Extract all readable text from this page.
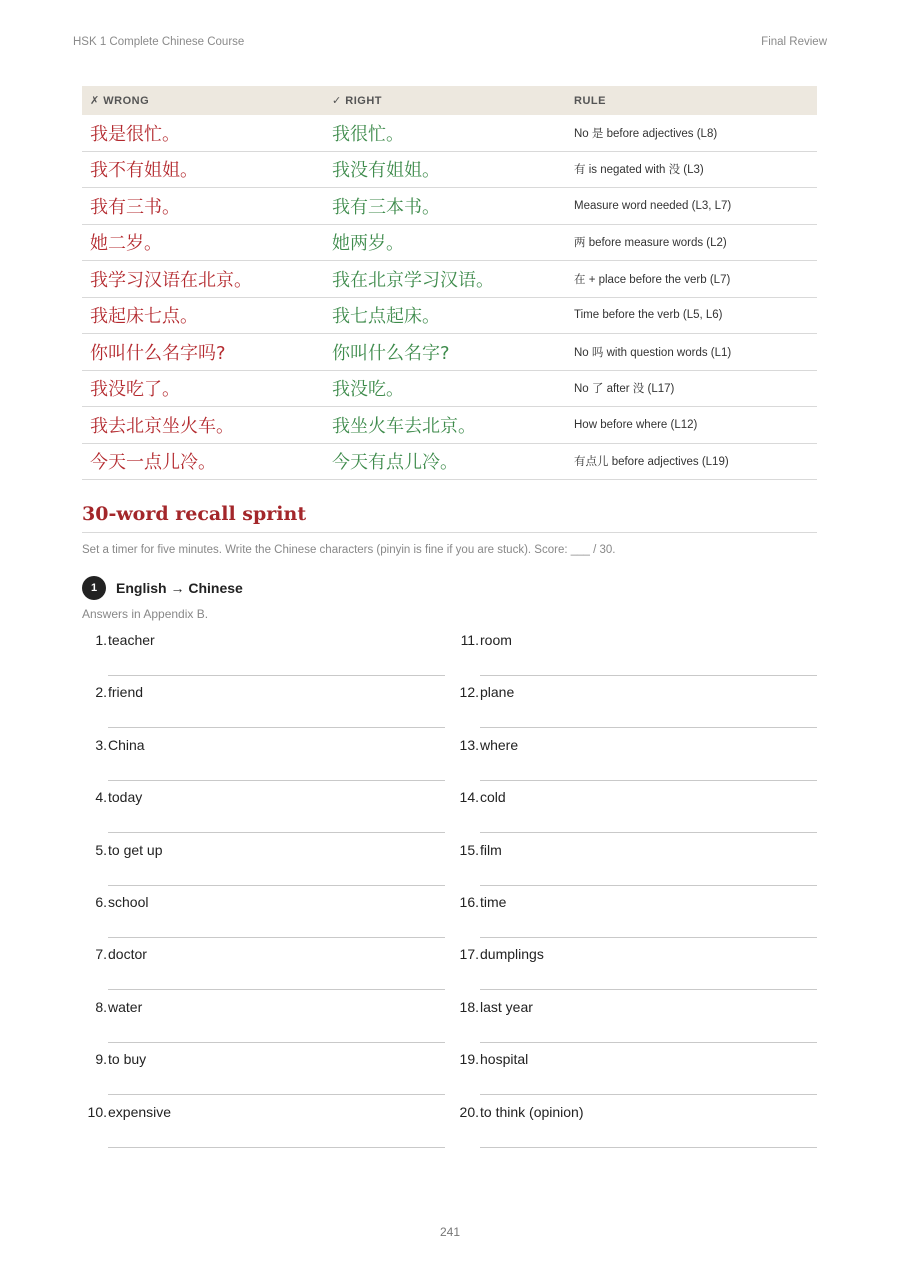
HSK 1 Complete Chinese Course	Final Review
✗ WRONG	✓ RIGHT	RULE
我是很忙。	我很忙。	No 是 before adjectives (L8)
我不有姐姐。	我没有姐姐。	有 is negated with 没 (L3)
我有三书。	我有三本书。	Measure word needed (L3, L7)
她二岁。	她两岁。	两 before measure words (L2)
我学习汉语在北京。	我在北京学习汉语。	在 + place before the verb (L7)
我起床七点。	我七点起床。	Time before the verb (L5, L6)
你叫什么名字吗?	你叫什么名字?	No 吗 with question words (L1)
我没吃了。	我没吃。	No 了 after 没 (L17)
我去北京坐火车。	我坐火车去北京。	How before where (L12)
今天一点儿冷。	今天有点儿冷。	有点儿 before adjectives (L19)
30-word recall sprint
Set a timer for five minutes. Write the Chinese characters (pinyin is fine if you are stuck). Score: ___ / 30.
1	English → Chinese
Answers in Appendix B.
1. teacher
2. friend
3. China
4. today
5. to get up
6. school
7. doctor
8. water
9. to buy
10. expensive
11. room
12. plane
13. where
14. cold
15. film
16. time
17. dumplings
18. last year
19. hospital
20. to think (opinion)
241
